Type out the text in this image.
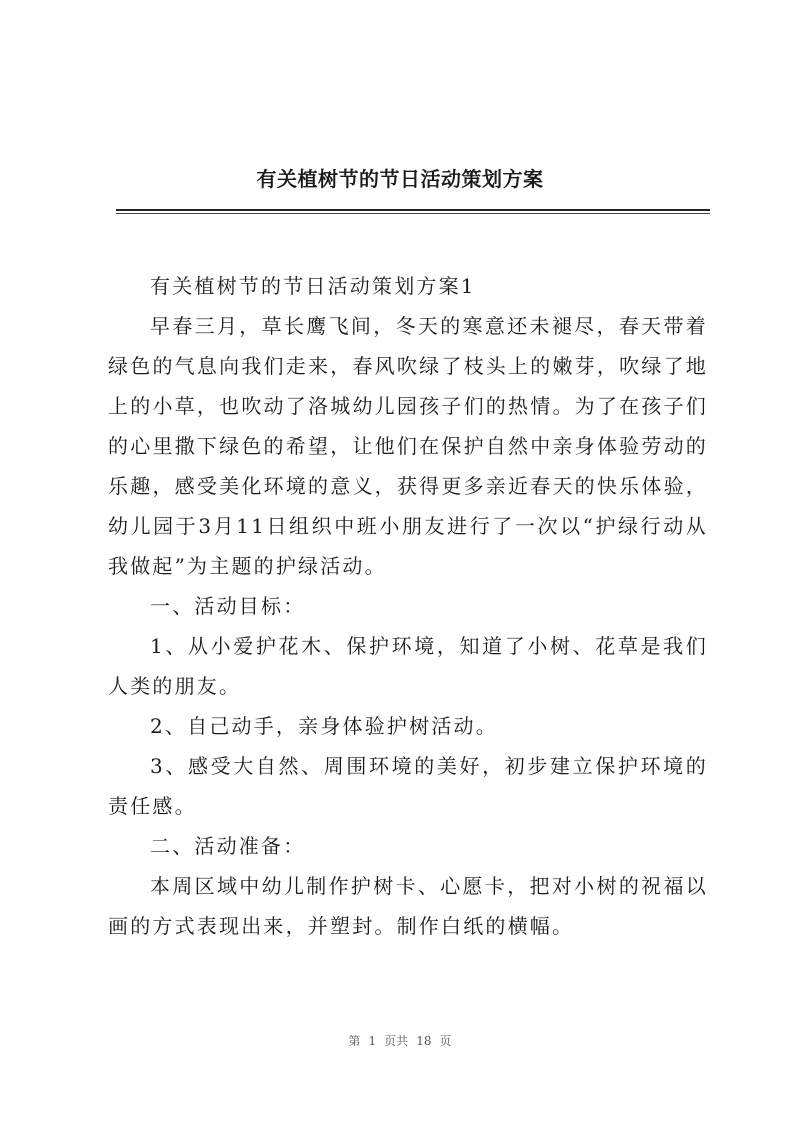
有关植树节的节日活动策划方案

有关植树节的节日活动策划方案1

早春三月，草长鹰飞间，冬天的寒意还未褪尽，春天带着绿色的气息向我们走来，春风吹绿了枝头上的嫩芽，吹绿了地上的小草，也吹动了洛城幼儿园孩子们的热情。为了在孩子们的心里撒下绿色的希望，让他们在保护自然中亲身体验劳动的乐趣，感受美化环境的意义，获得更多亲近春天的快乐体验，幼儿园于3月11日组织中班小朋友进行了一次以“护绿行动从我做起”为主题的护绿活动。

一、活动目标：

1、从小爱护花木、保护环境，知道了小树、花草是我们人类的朋友。

2、自己动手，亲身体验护树活动。

3、感受大自然、周围环境的美好，初步建立保护环境的责任感。

二、活动准备：

本周区域中幼儿制作护树卡、心愿卡，把对小树的祝福以画的方式表现出来，并塑封。制作白纸的横幅。

第 1 页共 18 页
